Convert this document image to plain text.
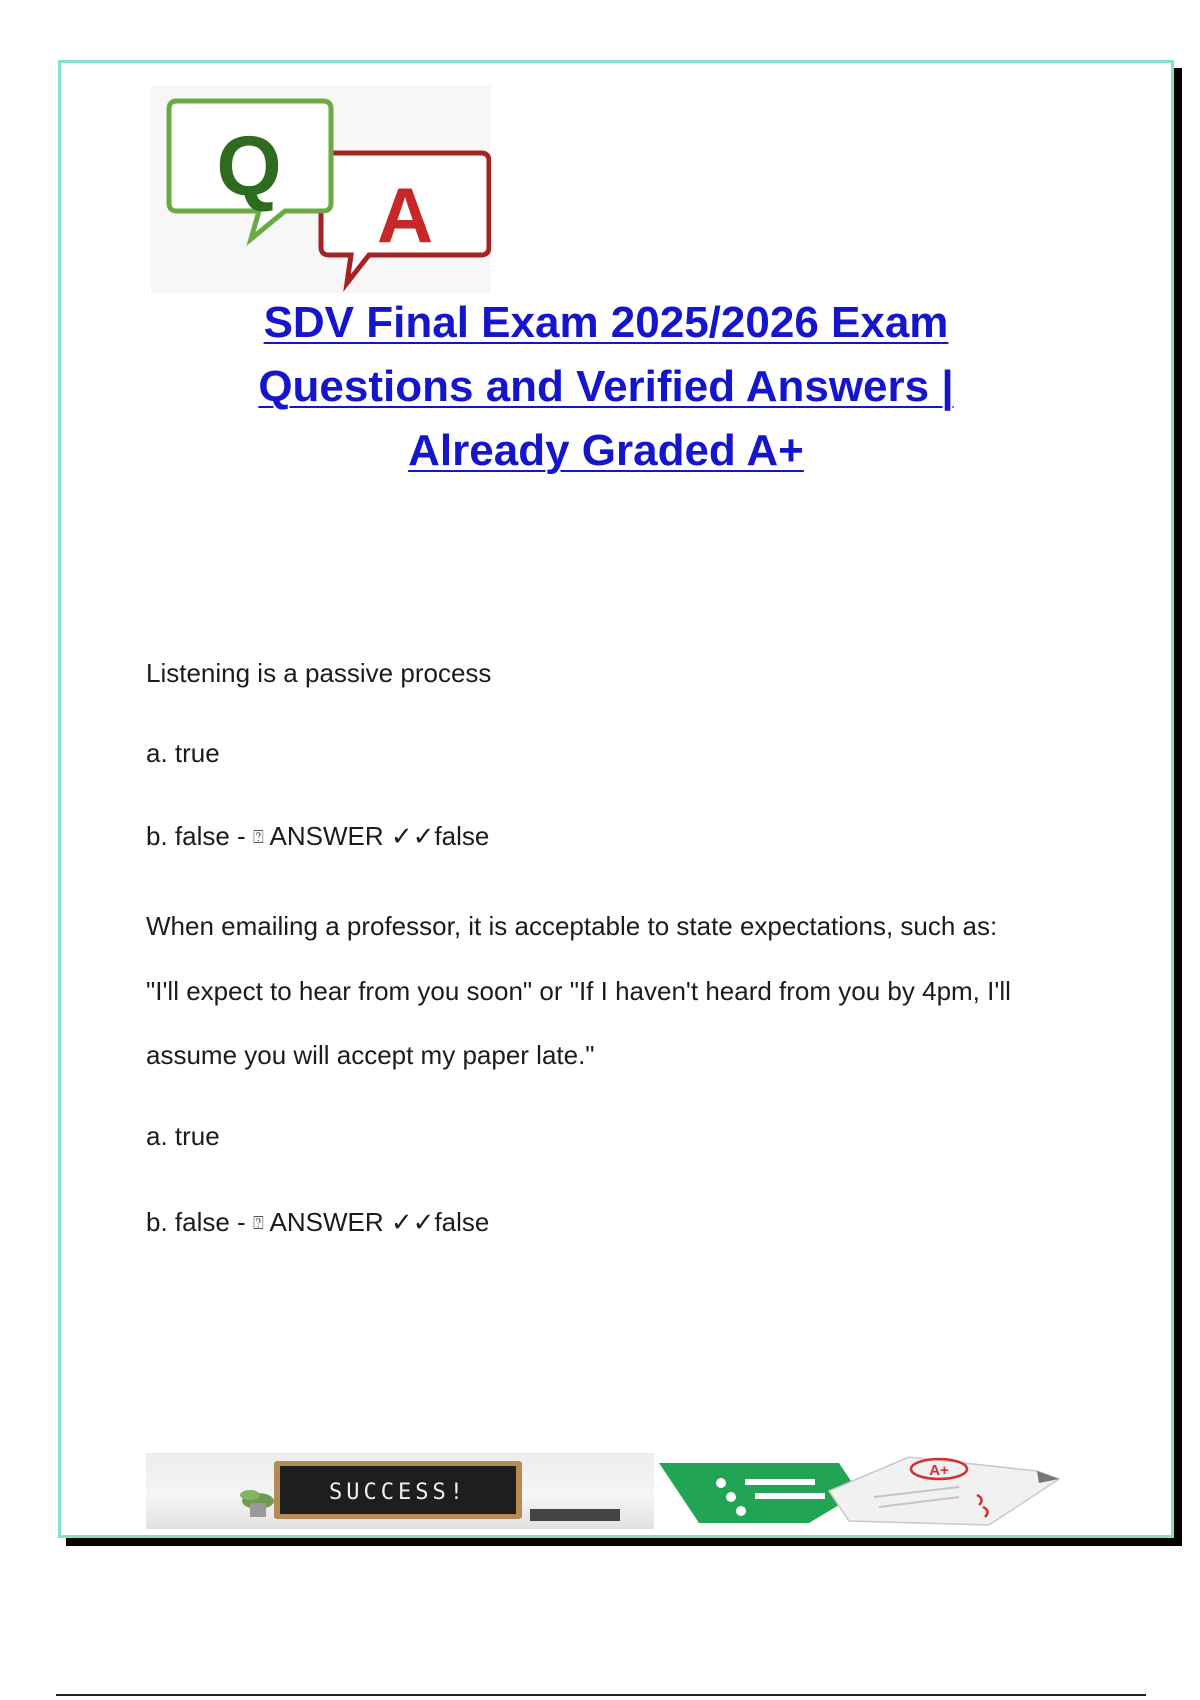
A
Q
SDV Final Exam 2025/2026 Exam
Questions and Verified Answers |
Already Graded A+

Listening is a passive process

a. true

b. false - ⍰ ANSWER ✓✓false

When emailing a professor, it is acceptable to state expectations, such as:

"I'll expect to hear from you soon" or "If I haven't heard from you by 4pm, I'll

assume you will accept my paper late."

a. true

b. false - ⍰ ANSWER ✓✓false

SUCCESS!
A+
